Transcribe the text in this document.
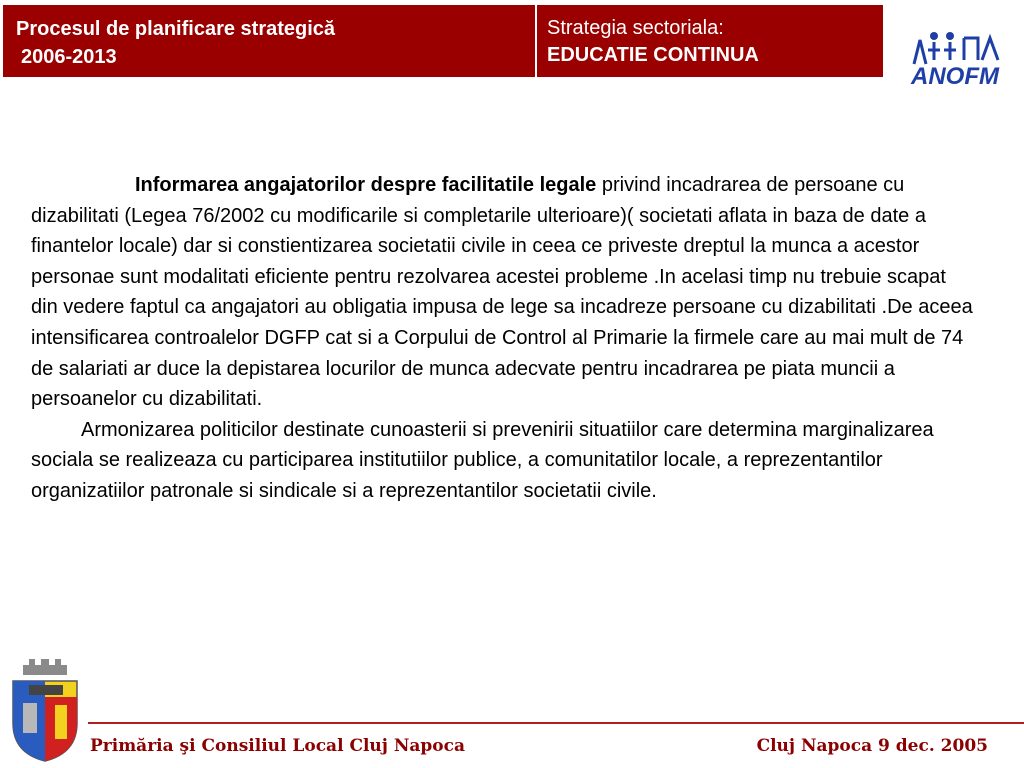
Procesul de planificare strategică
2006-2013
Strategia sectoriala:
EDUCATIE CONTINUA
ANOFM

Informarea angajatorilor despre facilitatile legale privind incadrarea de persoane cu dizabilitati (Legea 76/2002 cu modificarile si completarile ulterioare)( societati aflata in baza de date a finantelor locale) dar si constientizarea societatii civile in ceea ce priveste dreptul la munca a acestor personae sunt modalitati eficiente pentru rezolvarea acestei probleme .In acelasi timp nu trebuie scapat din vedere faptul ca angajatori au obligatia impusa de lege sa incadreze persoane cu dizabilitati .De aceea intensificarea controalelor DGFP cat si a Corpului de Control al Primarie la firmele care au mai mult de 74 de salariati ar duce la depistarea locurilor de munca adecvate pentru incadrarea pe piata muncii a persoanelor cu dizabilitati.

Armonizarea politicilor destinate cunoasterii si prevenirii situatiilor care determina marginalizarea sociala se realizeaza cu participarea institutiilor publice, a comunitatilor locale, a reprezentantilor organizatiilor patronale si sindicale si a reprezentantilor societatii civile.

Primăria şi Consiliul Local Cluj Napoca	Cluj Napoca 9 dec. 2005
